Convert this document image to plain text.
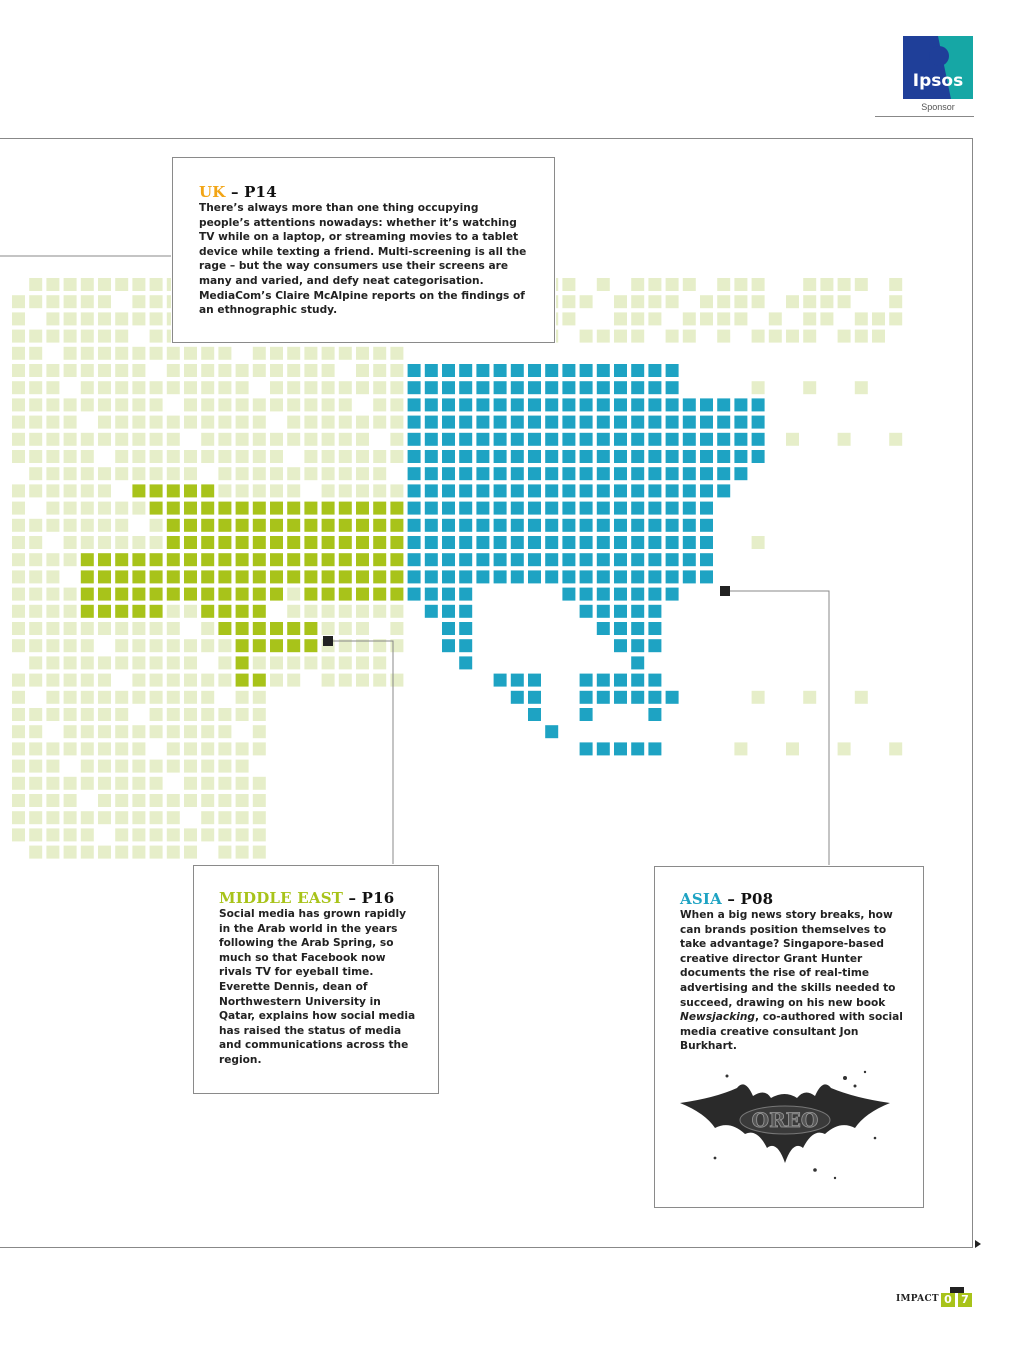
Ipsos
Sponsor
UK – P14

There’s always more than one thing occupying people’s attentions nowadays: whether it’s watching TV while on a laptop, or streaming movies to a tablet device while texting a friend. Multi-screening is all the rage – but the way consumers use their screens are many and varied, and defy neat categorisation. MediaCom’s Claire McAlpine reports on the findings of an ethnographic study.

MIDDLE EAST – P16

Social media has grown rapidly in the Arab world in the years following the Arab Spring, so much so that Facebook now rivals TV for eyeball time. Everette Dennis, dean of Northwestern University in Qatar, explains how social media has raised the status of media and communications across the region.

ASIA – P08

When a big news story breaks, how can brands position themselves to take advantage? Singapore-based creative director Grant Hunter documents the rise of real-time advertising and the skills needed to succeed, drawing on his new book Newsjacking, co-authored with social media creative consultant Jon Burkhart.

OREO
IMPACT 0 7
